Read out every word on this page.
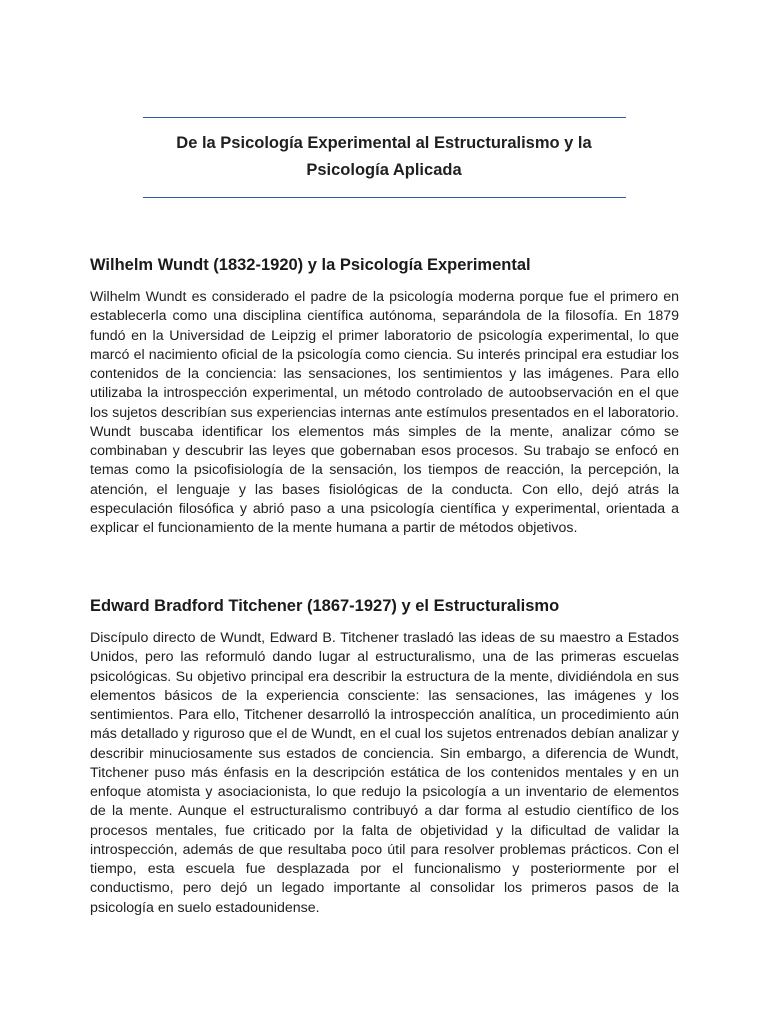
De la Psicología Experimental al Estructuralismo y la
Psicología Aplicada
Wilhelm Wundt (1832-1920) y la Psicología Experimental

Wilhelm Wundt es considerado el padre de la psicología moderna porque fue el primero en establecerla como una disciplina científica autónoma, separándola de la filosofía. En 1879 fundó en la Universidad de Leipzig el primer laboratorio de psicología experimental, lo que marcó el nacimiento oficial de la psicología como ciencia. Su interés principal era estudiar los contenidos de la conciencia: las sensaciones, los sentimientos y las imágenes. Para ello utilizaba la introspección experimental, un método controlado de autoobservación en el que los sujetos describían sus experiencias internas ante estímulos presentados en el laboratorio. Wundt buscaba identificar los elementos más simples de la mente, analizar cómo se combinaban y descubrir las leyes que gobernaban esos procesos. Su trabajo se enfocó en temas como la psicofisiología de la sensación, los tiempos de reacción, la percepción, la atención, el lenguaje y las bases fisiológicas de la conducta. Con ello, dejó atrás la especulación filosófica y abrió paso a una psicología científica y experimental, orientada a explicar el funcionamiento de la mente humana a partir de métodos objetivos.

Edward Bradford Titchener (1867-1927) y el Estructuralismo

Discípulo directo de Wundt, Edward B. Titchener trasladó las ideas de su maestro a Estados Unidos, pero las reformuló dando lugar al estructuralismo, una de las primeras escuelas psicológicas. Su objetivo principal era describir la estructura de la mente, dividiéndola en sus elementos básicos de la experiencia consciente: las sensaciones, las imágenes y los sentimientos. Para ello, Titchener desarrolló la introspección analítica, un procedimiento aún más detallado y riguroso que el de Wundt, en el cual los sujetos entrenados debían analizar y describir minuciosamente sus estados de conciencia. Sin embargo, a diferencia de Wundt, Titchener puso más énfasis en la descripción estática de los contenidos mentales y en un enfoque atomista y asociacionista, lo que redujo la psicología a un inventario de elementos de la mente. Aunque el estructuralismo contribuyó a dar forma al estudio científico de los procesos mentales, fue criticado por la falta de objetividad y la dificultad de validar la introspección, además de que resultaba poco útil para resolver problemas prácticos. Con el tiempo, esta escuela fue desplazada por el funcionalismo y posteriormente por el conductismo, pero dejó un legado importante al consolidar los primeros pasos de la psicología en suelo estadounidense.
